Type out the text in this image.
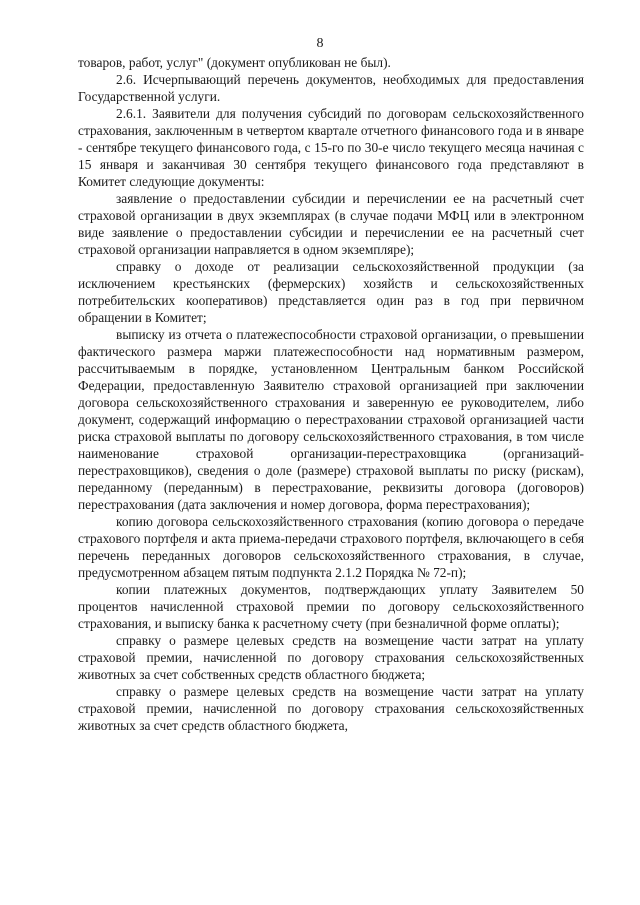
8

товаров, работ, услуг" (документ опубликован не был).

2.6. Исчерпывающий перечень документов, необходимых для предоставления Государственной услуги.

2.6.1. Заявители для получения субсидий по договорам сельскохозяйственного страхования, заключенным в четвертом квартале отчетного финансового года и в январе - сентябре текущего финансового года, с 15-го по 30-е число текущего месяца начиная с 15 января и заканчивая 30 сентября текущего финансового года представляют в Комитет следующие документы:

заявление о предоставлении субсидии и перечислении ее на расчетный счет страховой организации в двух экземплярах (в случае подачи МФЦ или в электронном виде заявление о предоставлении субсидии и перечислении ее на расчетный счет страховой организации направляется в одном экземпляре);

справку о доходе от реализации сельскохозяйственной продукции (за исключением крестьянских (фермерских) хозяйств и сельскохозяйственных потребительских кооперативов) представляется один раз в год при первичном обращении в Комитет;

выписку из отчета о платежеспособности страховой организации, о превышении фактического размера маржи платежеспособности над нормативным размером, рассчитываемым в порядке, установленном Центральным банком Российской Федерации, предоставленную Заявителю страховой организацией при заключении договора сельскохозяйственного страхования и заверенную ее руководителем, либо документ, содержащий информацию о перестраховании страховой организацией части риска страховой выплаты по договору сельскохозяйственного страхования, в том числе наименование страховой организации-перестраховщика (организаций-перестраховщиков), сведения о доле (размере) страховой выплаты по риску (рискам), переданному (переданным) в перестрахование, реквизиты договора (договоров) перестрахования (дата заключения и номер договора, форма перестрахования);

копию договора сельскохозяйственного страхования (копию договора о передаче страхового портфеля и акта приема-передачи страхового портфеля, включающего в себя перечень переданных договоров сельскохозяйственного страхования, в случае, предусмотренном абзацем пятым подпункта 2.1.2 Порядка № 72-п);

копии платежных документов, подтверждающих уплату Заявителем 50 процентов начисленной страховой премии по договору сельскохозяйственного страхования, и выписку банка к расчетному счету (при безналичной форме оплаты);

справку о размере целевых средств на возмещение части затрат на уплату страховой премии, начисленной по договору страхования сельскохозяйственных животных за счет собственных средств областного бюджета;

справку о размере целевых средств на возмещение части затрат на уплату страховой премии, начисленной по договору страхования сельскохозяйственных животных за счет средств областного бюджета,
